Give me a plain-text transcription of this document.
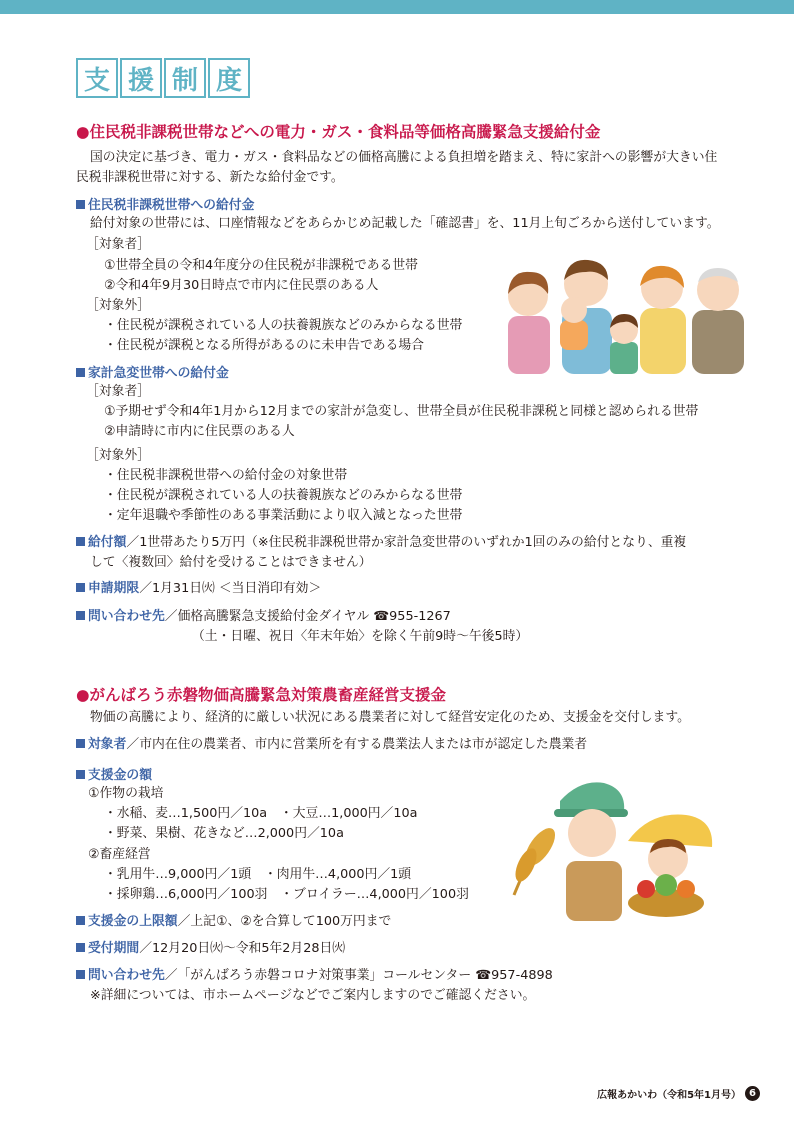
支 援 制 度
●住民税非課税世帯などへの電力・ガス・食料品等価格高騰緊急支援給付金
国の決定に基づき、電力・ガス・食料品などの価格高騰による負担増を踏まえ、特に家計への影響が大きい住
民税非課税世帯に対する、新たな給付金です。
住民税非課税世帯への給付金
給付対象の世帯には、口座情報などをあらかじめ記載した「確認書」を、11月上旬ごろから送付しています。
［対象者］
①世帯全員の令和4年度分の住民税が非課税である世帯
②令和4年9月30日時点で市内に住民票のある人
［対象外］
・住民税が課税されている人の扶養親族などのみからなる世帯
・住民税が課税となる所得があるのに未申告である場合
家計急変世帯への給付金
［対象者］
①予期せず令和4年1月から12月までの家計が急変し、世帯全員が住民税非課税と同様と認められる世帯
②申請時に市内に住民票のある人
［対象外］
・住民税非課税世帯への給付金の対象世帯
・住民税が課税されている人の扶養親族などのみからなる世帯
・定年退職や季節性のある事業活動により収入減となった世帯
給付額／1世帯あたり5万円（※住民税非課税世帯か家計急変世帯のいずれか1回のみの給付となり、重複
して〈複数回〉給付を受けることはできません）
申請期限／1月31日㈫ ＜当日消印有効＞
問い合わせ先／価格高騰緊急支援給付金ダイヤル ☎955-1267
（土・日曜、祝日〈年末年始〉を除く午前9時～午後5時）
●がんばろう赤磐物価高騰緊急対策農畜産経営支援金
物価の高騰により、経済的に厳しい状況にある農業者に対して経営安定化のため、支援金を交付します。
対象者／市内在住の農業者、市内に営業所を有する農業法人または市が認定した農業者
支援金の額
①作物の栽培
・水稲、麦…1,500円／10a　・大豆…1,000円／10a
・野菜、果樹、花きなど…2,000円／10a
②畜産経営
・乳用牛…9,000円／1頭　・肉用牛…4,000円／1頭
・採卵鶏…6,000円／100羽　・ブロイラー…4,000円／100羽
支援金の上限額／上記①、②を合算して100万円まで
受付期間／12月20日㈫～令和5年2月28日㈫
問い合わせ先／「がんばろう赤磐コロナ対策事業」コールセンター ☎957-4898
※詳細については、市ホームページなどでご案内しますのでご確認ください。
広報あかいわ（令和5年1月号） 6
